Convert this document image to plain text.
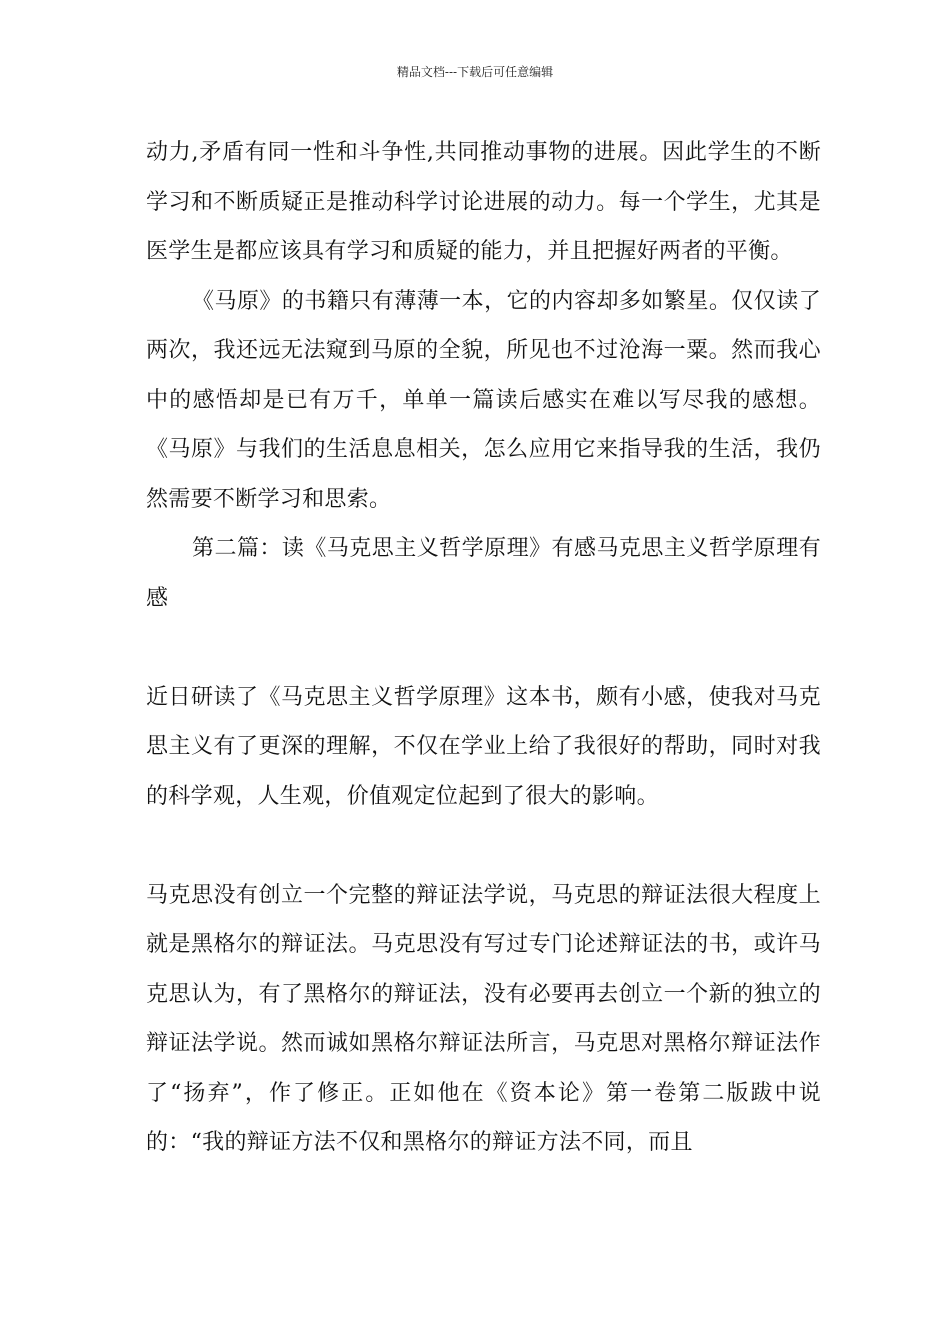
精品文档---下载后可任意编辑

动力,矛盾有同一性和斗争性,共同推动事物的进展。因此学生的不断学习和不断质疑正是推动科学讨论进展的动力。每一个学生，尤其是医学生是都应该具有学习和质疑的能力，并且把握好两者的平衡。

《马原》的书籍只有薄薄一本，它的内容却多如繁星。仅仅读了两次，我还远无法窥到马原的全貌，所见也不过沧海一粟。然而我心中的感悟却是已有万千，单单一篇读后感实在难以写尽我的感想。《马原》与我们的生活息息相关，怎么应用它来指导我的生活，我仍然需要不断学习和思索。

第二篇：读《马克思主义哲学原理》有感马克思主义哲学原理有感

近日研读了《马克思主义哲学原理》这本书，颇有小感，使我对马克思主义有了更深的理解，不仅在学业上给了我很好的帮助，同时对我的科学观，人生观，价值观定位起到了很大的影响。

马克思没有创立一个完整的辩证法学说，马克思的辩证法很大程度上就是黑格尔的辩证法。马克思没有写过专门论述辩证法的书，或许马克思认为，有了黑格尔的辩证法，没有必要再去创立一个新的独立的辩证法学说。然而诚如黑格尔辩证法所言，马克思对黑格尔辩证法作了“扬弃”，作了修正。正如他在《资本论》第一卷第二版跋中说的：“我的辩证方法不仅和黑格尔的辩证方法不同，而且
